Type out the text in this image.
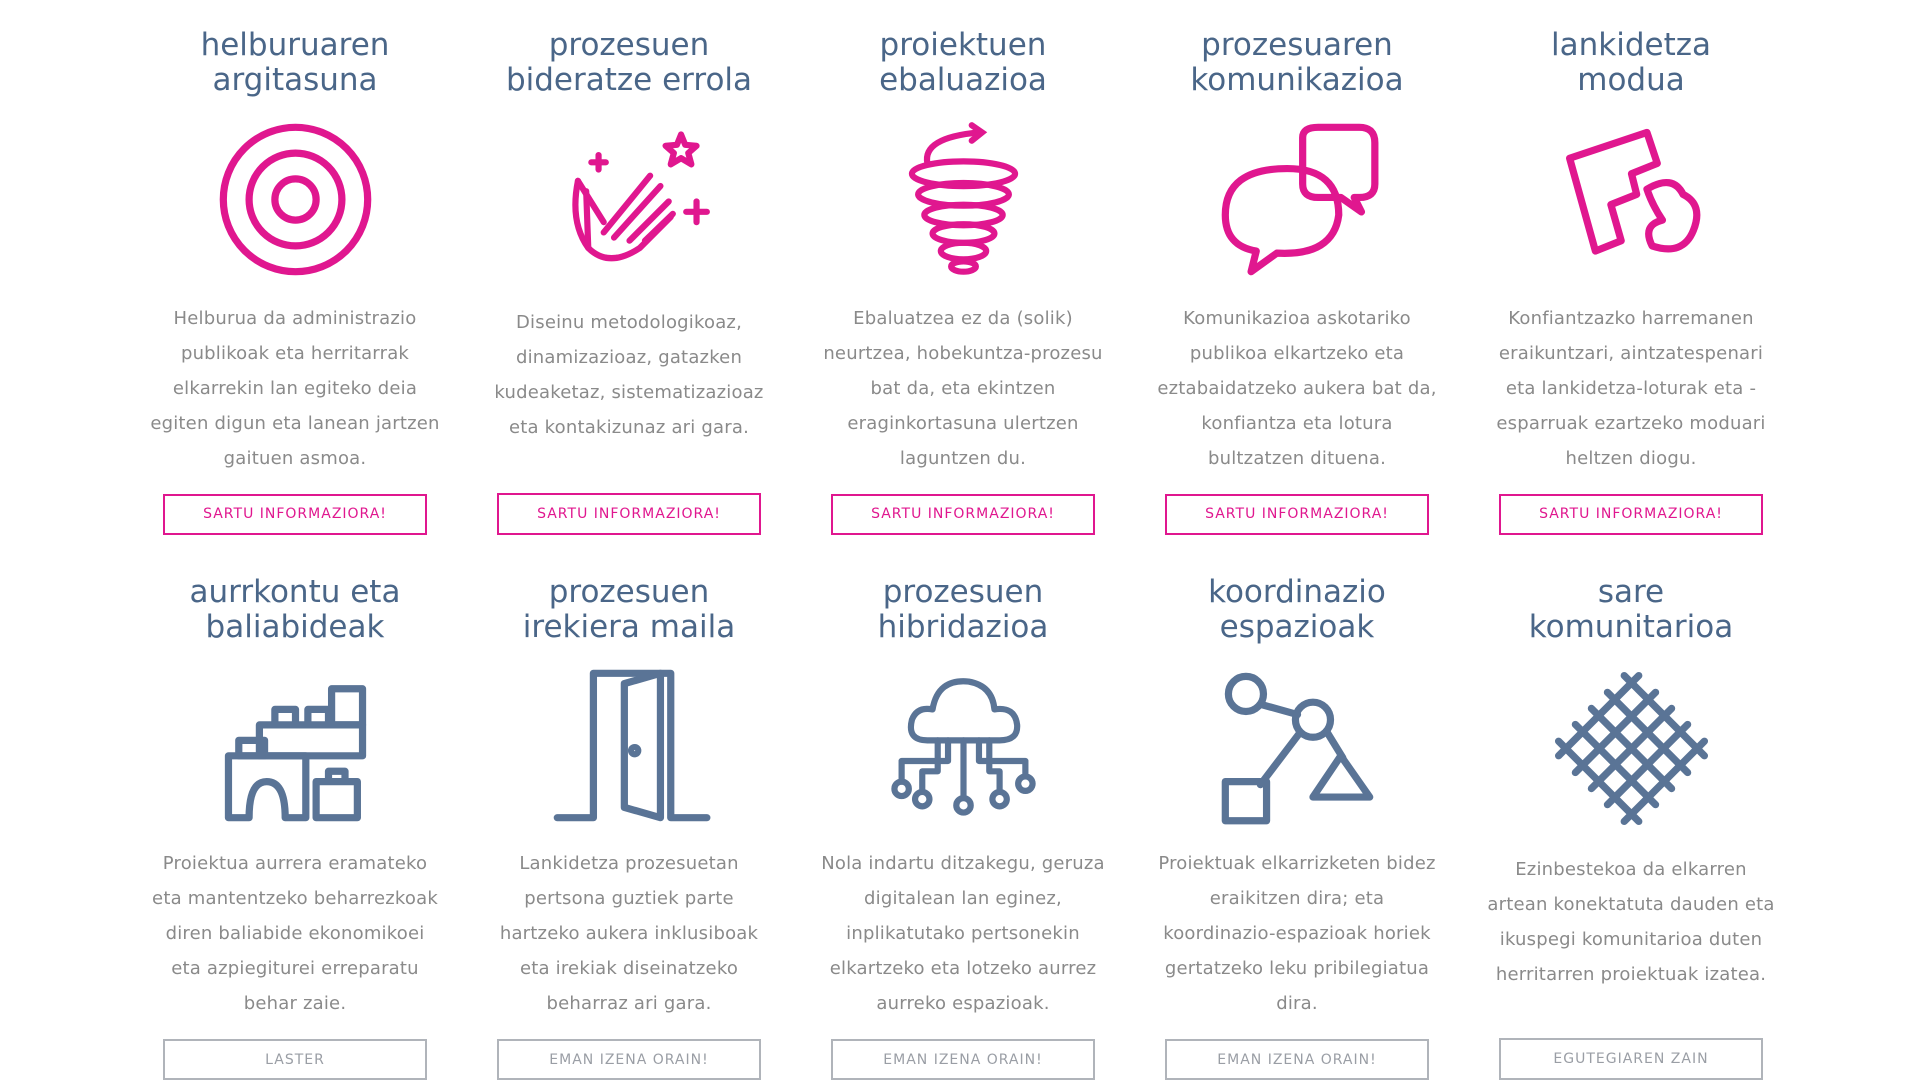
helburuaren
argitasuna

Helburua da administrazio publikoak eta herritarrak elkarrekin lan egiteko deia egiten digun eta lanean jartzen gaituen asmoa.

SARTU INFORMAZIORA!
prozesuen
bideratze errola

Diseinu metodologikoaz, dinamizazioaz, gatazken kudeaketaz, sistematizazioaz eta kontakizunaz ari gara.

SARTU INFORMAZIORA!
proiektuen
ebaluazioa

Ebaluatzea ez da (solik) neurtzea, hobekuntza-prozesu bat da, eta ekintzen eraginkortasuna ulertzen laguntzen du.

SARTU INFORMAZIORA!
prozesuaren
komunikazioa

Komunikazioa askotariko publikoa elkartzeko eta eztabaidatzeko aukera bat da, konfiantza eta lotura bultzatzen dituena.

SARTU INFORMAZIORA!
lankidetza
modua

Konfiantzazko harremanen eraikuntzari, aintzatespenari eta lankidetza-loturak eta -esparruak ezartzeko moduari heltzen diogu.

SARTU INFORMAZIORA!
aurrkontu eta
baliabideak

Proiektua aurrera eramateko eta mantentzeko beharrezkoak diren baliabide ekonomikoei eta azpiegiturei erreparatu behar zaie.

LASTER
prozesuen
irekiera maila

Lankidetza prozesuetan pertsona guztiek parte hartzeko aukera inklusiboak eta irekiak diseinatzeko beharraz ari gara.

EMAN IZENA ORAIN!
prozesuen
hibridazioa

Nola indartu ditzakegu, geruza digitalean lan eginez, inplikatutako pertsonekin elkartzeko eta lotzeko aurrez aurreko espazioak.

EMAN IZENA ORAIN!
koordinazio
espazioak

Proiektuak elkarrizketen bidez eraikitzen dira; eta koordinazio-espazioak horiek gertatzeko leku pribilegiatua dira.

EMAN IZENA ORAIN!
sare
komunitarioa

Ezinbestekoa da elkarren artean konektatuta dauden eta ikuspegi komunitarioa duten herritarren proiektuak izatea.

EGUTEGIAREN ZAIN
